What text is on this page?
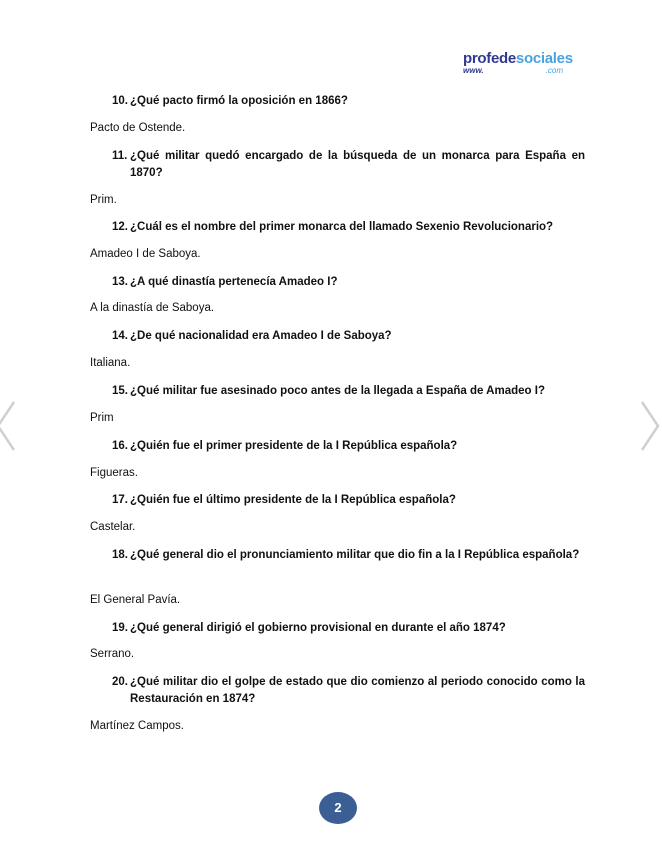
profedesociales
www.	.com
10. ¿Qué pacto firmó la oposición en 1866?
Pacto de Ostende.
11. ¿Qué militar quedó encargado de la búsqueda de un monarca para España en 1870?
Prim.
12. ¿Cuál es el nombre del primer monarca del llamado Sexenio Revolucionario?
Amadeo I de Saboya.
13. ¿A qué dinastía pertenecía Amadeo I?
A la dinastía de Saboya.
14. ¿De qué nacionalidad era Amadeo I de Saboya?
Italiana.
15. ¿Qué militar fue asesinado poco antes de la llegada a España de Amadeo I?
Prim
16. ¿Quién fue el primer presidente de la I República española?
Figueras.
17. ¿Quién fue el último presidente de la I República española?
Castelar.
18. ¿Qué general dio el pronunciamiento militar que dio fin a la I República española?
El General Pavía.
19. ¿Qué general dirigió el gobierno provisional en durante el año 1874?
Serrano.
20. ¿Qué militar dio el golpe de estado que dio comienzo al periodo conocido como la Restauración en 1874?
Martínez Campos.
2
